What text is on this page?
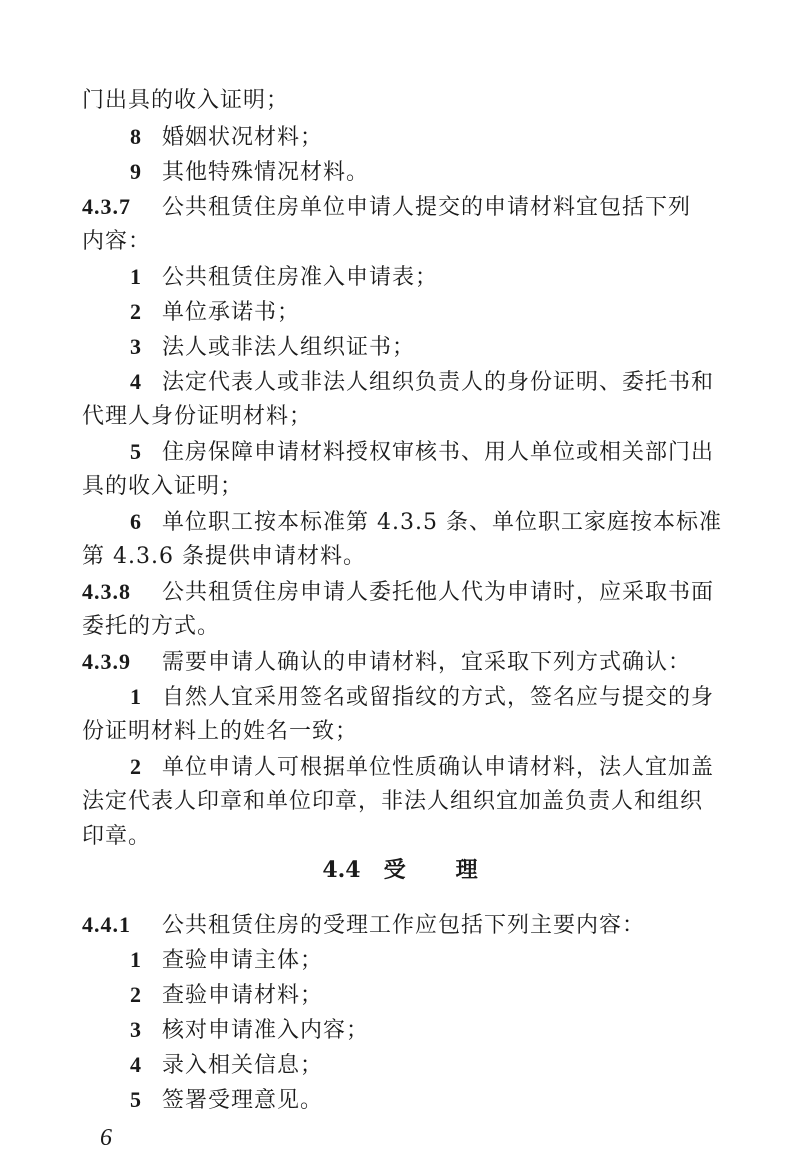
门出具的收入证明；
8 婚姻状况材料；
9 其他特殊情况材料。
4.3.7 公共租赁住房单位申请人提交的申请材料宜包括下列
内容：
1 公共租赁住房准入申请表；
2 单位承诺书；
3 法人或非法人组织证书；
4 法定代表人或非法人组织负责人的身份证明、委托书和
代理人身份证明材料；
5 住房保障申请材料授权审核书、用人单位或相关部门出
具的收入证明；
6 单位职工按本标准第 4.3.5 条、单位职工家庭按本标准
第 4.3.6 条提供申请材料。
4.3.8 公共租赁住房申请人委托他人代为申请时，应采取书面
委托的方式。
4.3.9 需要申请人确认的申请材料，宜采取下列方式确认：
1 自然人宜采用签名或留指纹的方式，签名应与提交的身
份证明材料上的姓名一致；
2 单位申请人可根据单位性质确认申请材料，法人宜加盖
法定代表人印章和单位印章，非法人组织宜加盖负责人和组织
印章。
4.4 受 理
4.4.1 公共租赁住房的受理工作应包括下列主要内容：
1 查验申请主体；
2 查验申请材料；
3 核对申请准入内容；
4 录入相关信息；
5 签署受理意见。
6
